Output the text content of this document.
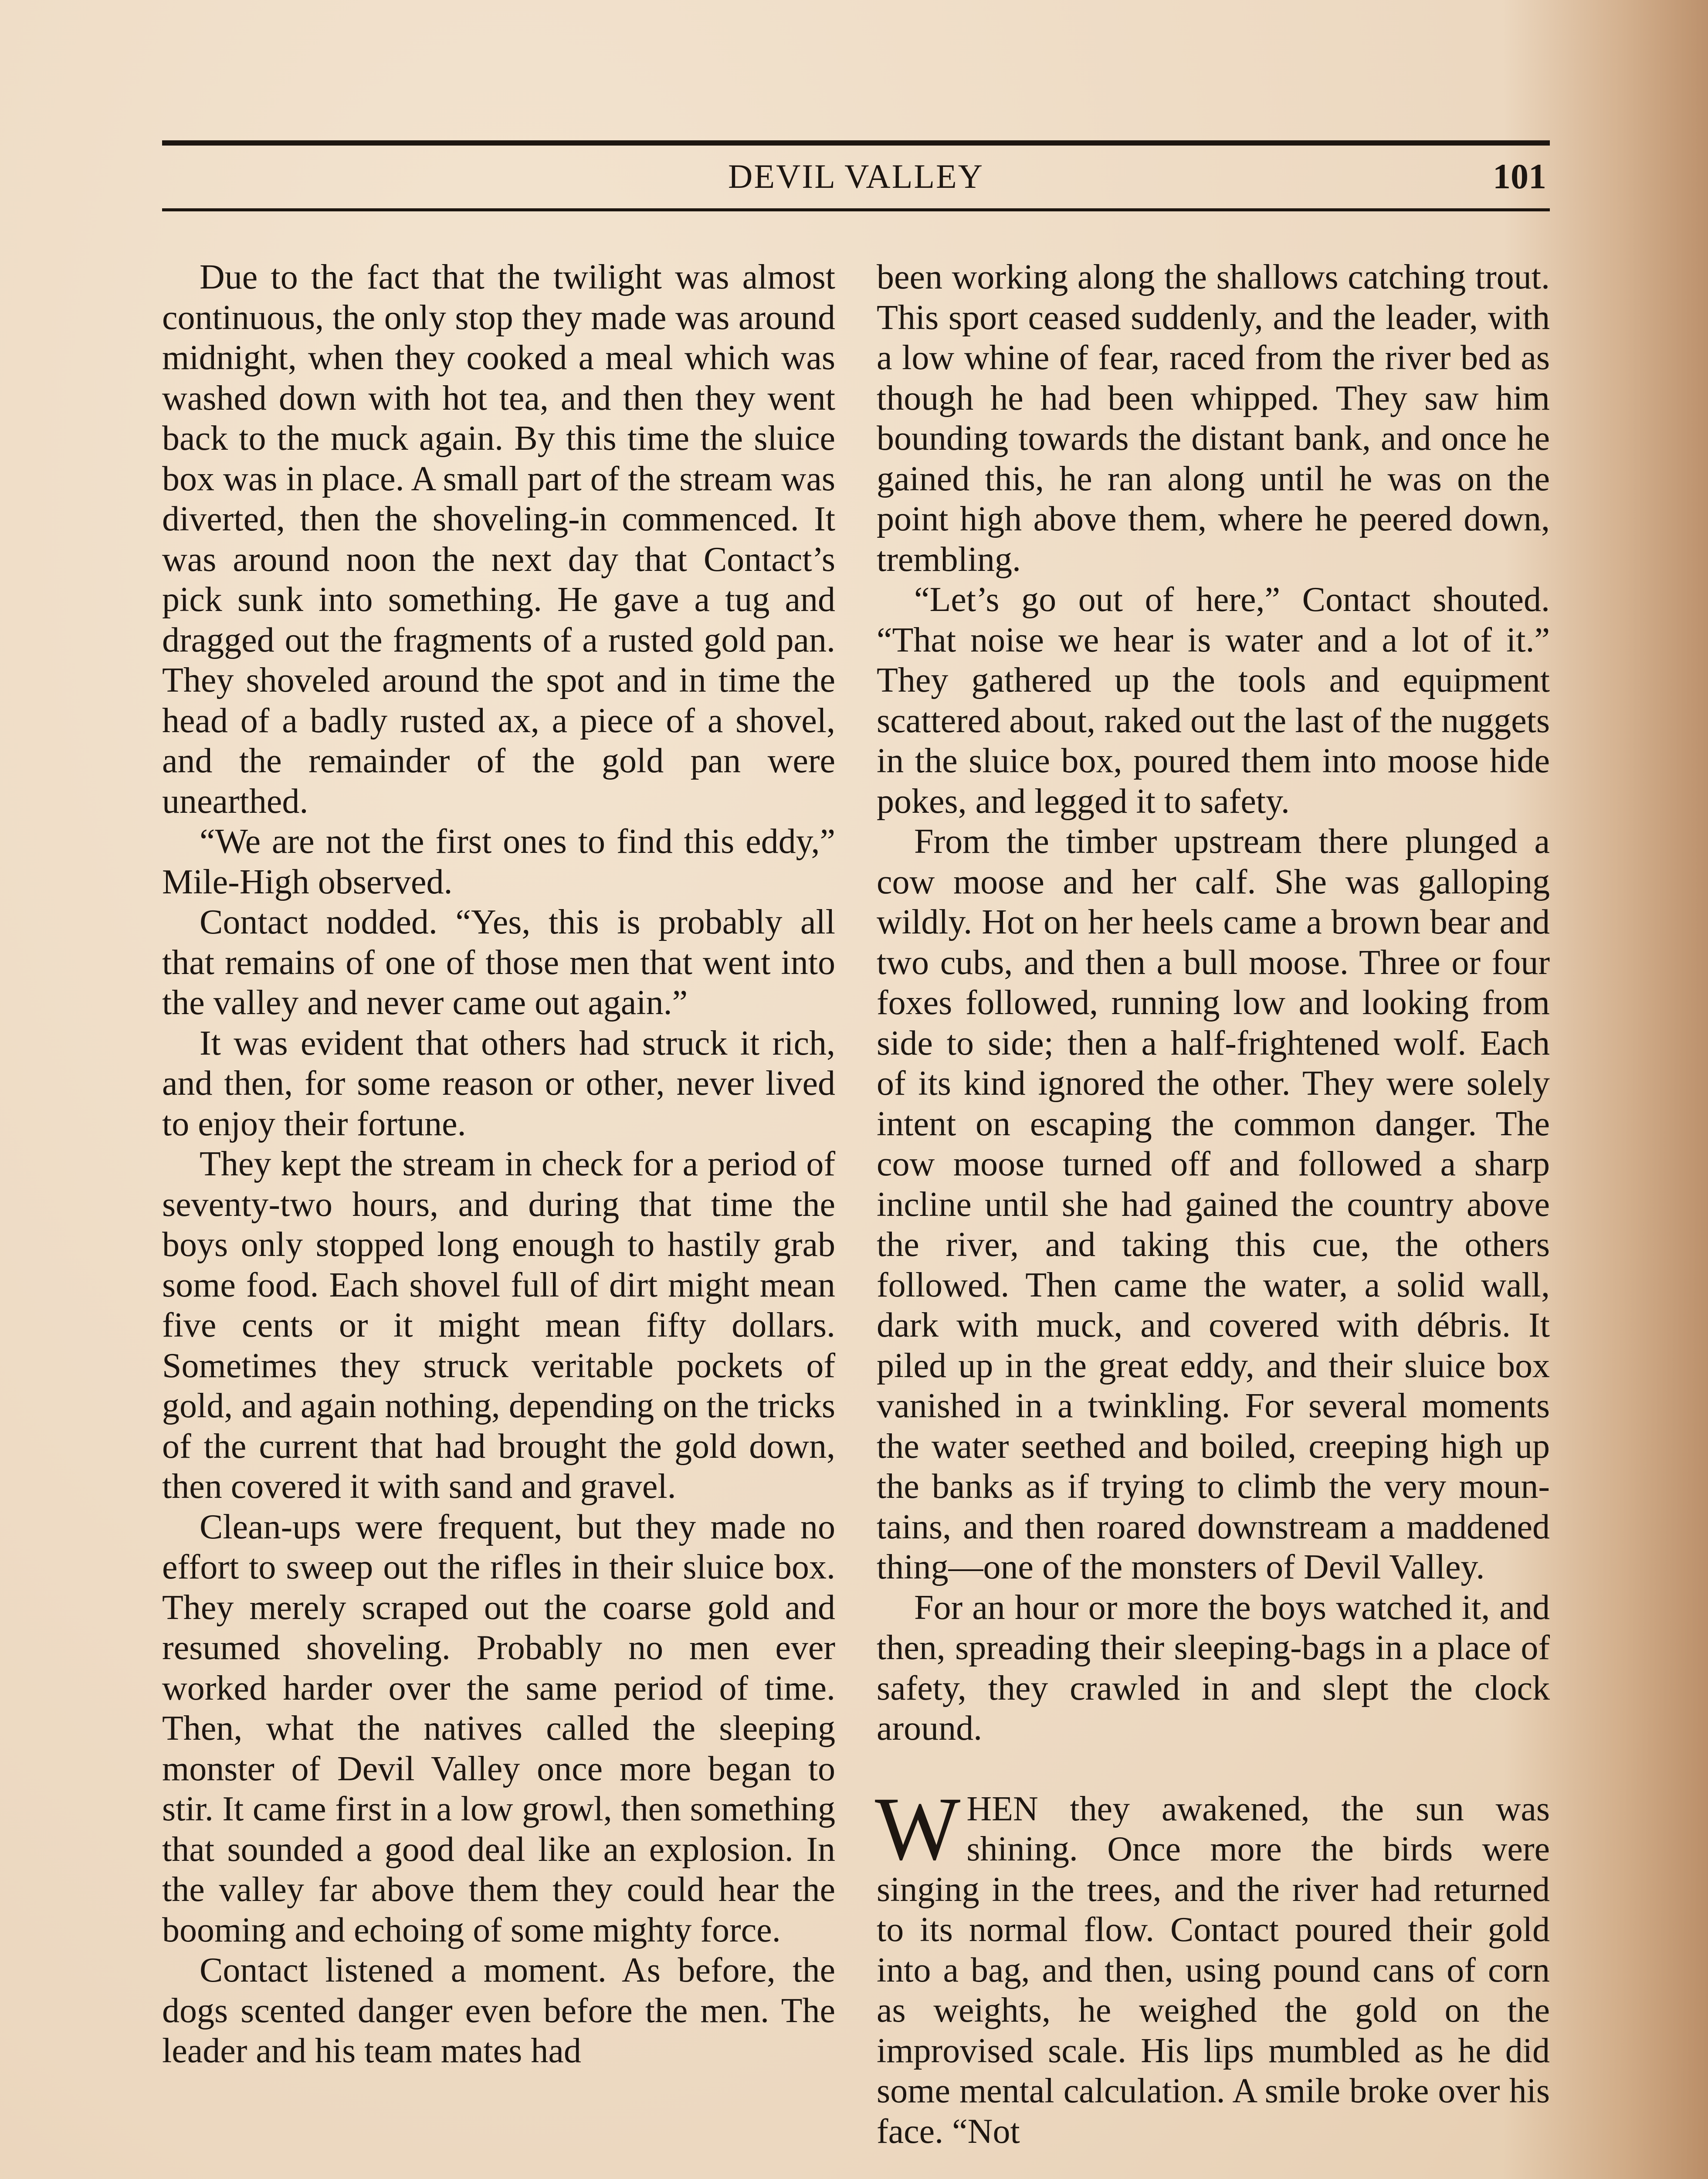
DEVIL VALLEY	101

Due to the fact that the twilight was almost continuous, the only stop they made was around midnight, when they cooked a meal which was washed down with hot tea, and then they went back to the muck again. By this time the sluice box was in place. A small part of the stream was diverted, then the shoveling-in commenced. It was around noon the next day that Contact’s pick sunk into something. He gave a tug and dragged out the fragments of a rusted gold pan. They shoveled around the spot and in time the head of a badly rusted ax, a piece of a shovel, and the remainder of the gold pan were unearthed.

“We are not the first ones to find this eddy,” Mile-High observed.

Contact nodded. “Yes, this is probably all that remains of one of those men that went into the valley and never came out again.”

It was evident that others had struck it rich, and then, for some reason or other, never lived to enjoy their fortune.

They kept the stream in check for a period of seventy-two hours, and during that time the boys only stopped long enough to hastily grab some food. Each shovel full of dirt might mean five cents or it might mean fifty dollars. Sometimes they struck veritable pockets of gold, and again nothing, depending on the tricks of the current that had brought the gold down, then covered it with sand and gravel.

Clean-ups were frequent, but they made no effort to sweep out the rifles in their sluice box. They merely scraped out the coarse gold and resumed shoveling. Probably no men ever worked harder over the same period of time. Then, what the natives called the sleeping monster of Devil Valley once more began to stir. It came first in a low growl, then something that sounded a good deal like an explosion. In the valley far above them they could hear the booming and echoing of some mighty force.

Contact listened a moment. As before, the dogs scented danger even before the men. The leader and his team mates had

been working along the shallows catching trout. This sport ceased suddenly, and the leader, with a low whine of fear, raced from the river bed as though he had been whipped. They saw him bounding towards the distant bank, and once he gained this, he ran along until he was on the point high above them, where he peered down, trembling.

“Let’s go out of here,” Contact shouted. “That noise we hear is water and a lot of it.” They gathered up the tools and equipment scattered about, raked out the last of the nuggets in the sluice box, poured them into moose hide pokes, and legged it to safety.

From the timber upstream there plunged a cow moose and her calf. She was galloping wildly. Hot on her heels came a brown bear and two cubs, and then a bull moose. Three or four foxes followed, running low and looking from side to side; then a half-frightened wolf. Each of its kind ignored the other. They were solely intent on escaping the common danger. The cow moose turned off and followed a sharp incline until she had gained the country above the river, and taking this cue, the others followed. Then came the water, a solid wall, dark with muck, and covered with débris. It piled up in the great eddy, and their sluice box vanished in a twinkling. For several moments the water seethed and boiled, creeping high up the banks as if trying to climb the very mountains, and then roared downstream a maddened thing—one of the monsters of Devil Valley.

For an hour or more the boys watched it, and then, spreading their sleeping-bags in a place of safety, they crawled in and slept the clock around.

WHEN they awakened, the sun was shining. Once more the birds were singing in the trees, and the river had returned to its normal flow. Contact poured their gold into a bag, and then, using pound cans of corn as weights, he weighed the gold on the improvised scale. His lips mumbled as he did some mental calculation. A smile broke over his face. “Not
